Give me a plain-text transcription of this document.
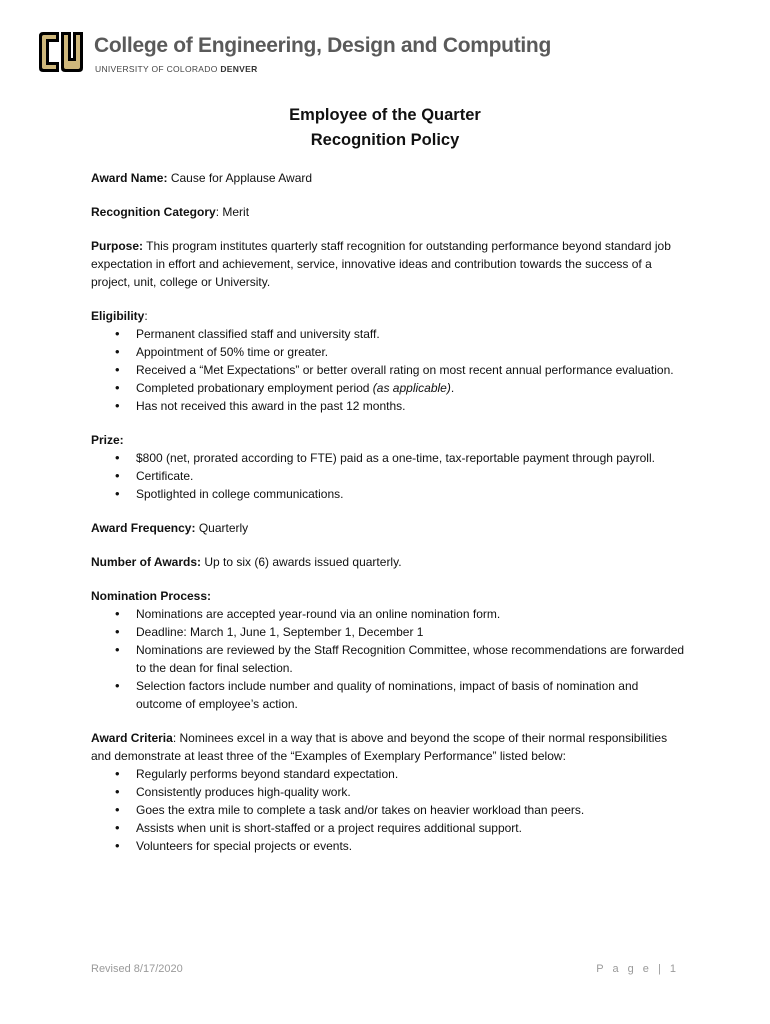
College of Engineering, Design and Computing
UNIVERSITY OF COLORADO DENVER
Employee of the Quarter
Recognition Policy

Award Name: Cause for Applause Award

Recognition Category: Merit

Purpose: This program institutes quarterly staff recognition for outstanding performance beyond standard job expectation in effort and achievement, service, innovative ideas and contribution towards the success of a project, unit, college or University.

Eligibility:
• Permanent classified staff and university staff.
• Appointment of 50% time or greater.
• Received a “Met Expectations” or better overall rating on most recent annual performance evaluation.
• Completed probationary employment period (as applicable).
• Has not received this award in the past 12 months.
Prize:
• $800 (net, prorated according to FTE) paid as a one-time, tax-reportable payment through payroll.
• Certificate.
• Spotlighted in college communications.

Award Frequency: Quarterly

Number of Awards: Up to six (6) awards issued quarterly.

Nomination Process:
• Nominations are accepted year-round via an online nomination form.
• Deadline: March 1, June 1, September 1, December 1
• Nominations are reviewed by the Staff Recognition Committee, whose recommendations are forwarded to the dean for final selection.
• Selection factors include number and quality of nominations, impact of basis of nomination and outcome of employee’s action.
Award Criteria: Nominees excel in a way that is above and beyond the scope of their normal responsibilities and demonstrate at least three of the “Examples of Exemplary Performance” listed below:
• Regularly performs beyond standard expectation.
• Consistently produces high-quality work.
• Goes the extra mile to complete a task and/or takes on heavier workload than peers.
• Assists when unit is short-staffed or a project requires additional support.
• Volunteers for special projects or events.
Revised 8/17/2020	P a g e | 1
